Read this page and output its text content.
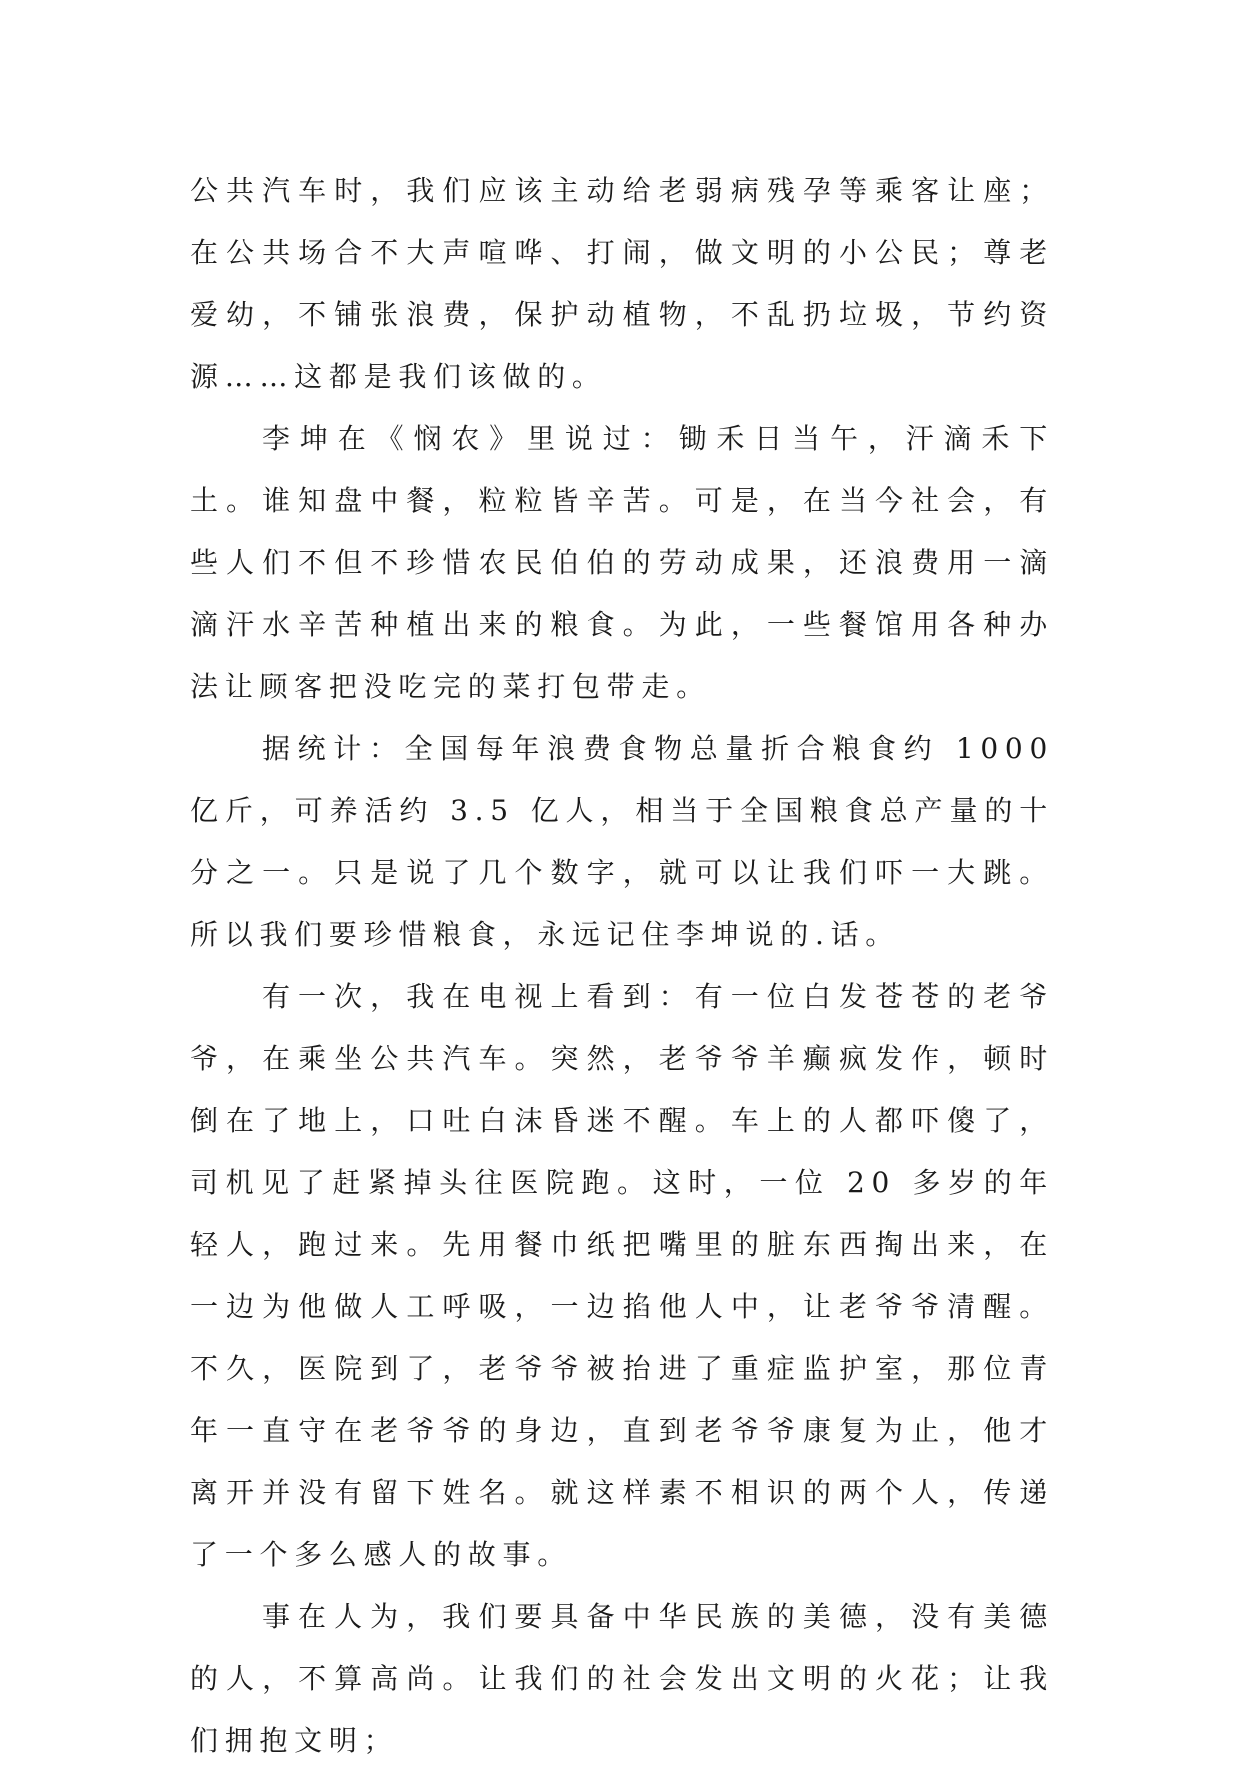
公共汽车时，我们应该主动给老弱病残孕等乘客让座；在公共场合不大声喧哗、打闹，做文明的小公民；尊老爱幼，不铺张浪费，保护动植物，不乱扔垃圾，节约资源……这都是我们该做的。

李坤在《悯农》里说过：锄禾日当午，汗滴禾下土。谁知盘中餐，粒粒皆辛苦。可是，在当今社会，有些人们不但不珍惜农民伯伯的劳动成果，还浪费用一滴滴汗水辛苦种植出来的粮食。为此，一些餐馆用各种办法让顾客把没吃完的菜打包带走。

据统计：全国每年浪费食物总量折合粮食约 1000 亿斤，可养活约 3.5 亿人，相当于全国粮食总产量的十分之一。只是说了几个数字，就可以让我们吓一大跳。所以我们要珍惜粮食，永远记住李坤说的.话。

有一次，我在电视上看到：有一位白发苍苍的老爷爷，在乘坐公共汽车。突然，老爷爷羊癫疯发作，顿时倒在了地上，口吐白沫昏迷不醒。车上的人都吓傻了，司机见了赶紧掉头往医院跑。这时，一位 20 多岁的年轻人，跑过来。先用餐巾纸把嘴里的脏东西掏出来，在一边为他做人工呼吸，一边掐他人中，让老爷爷清醒。不久，医院到了，老爷爷被抬进了重症监护室，那位青年一直守在老爷爷的身边，直到老爷爷康复为止，他才离开并没有留下姓名。就这样素不相识的两个人，传递了一个多么感人的故事。

事在人为，我们要具备中华民族的美德，没有美德的人，不算高尚。让我们的社会发出文明的火花；让我们拥抱文明；
